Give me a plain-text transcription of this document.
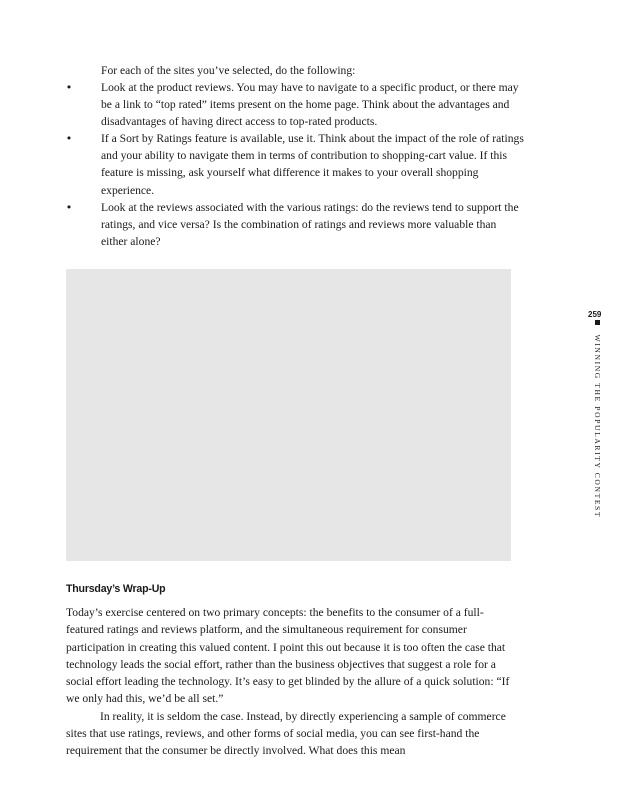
For each of the sites you’ve selected, do the following:

• Look at the product reviews. You may have to navigate to a specific product, or there may be a link to “top rated” items present on the home page. Think about the advantages and disadvantages of having direct access to top-rated products.
• If a Sort by Ratings feature is available, use it. Think about the impact of the role of ratings and your ability to navigate them in terms of contribution to shopping-cart value. If this feature is missing, ask yourself what difference it makes to your overall shopping experience.
• Look at the reviews associated with the various ratings: do the reviews tend to support the ratings, and vice versa? Is the combination of ratings and reviews more valuable than either alone?
Thursday’s Wrap-Up

Today’s exercise centered on two primary concepts: the benefits to the consumer of a full-featured ratings and reviews platform, and the simultaneous requirement for consumer participation in creating this valued content. I point this out because it is too often the case that technology leads the social effort, rather than the business objectives that suggest a role for a social effort leading the technology. It’s easy to get blinded by the allure of a quick solution: “If we only had this, we’d be all set.”

In reality, it is seldom the case. Instead, by directly experiencing a sample of commerce sites that use ratings, reviews, and other forms of social media, you can see first-hand the requirement that the consumer be directly involved. What does this mean

259
WINNING THE POPULARITY CONTEST
